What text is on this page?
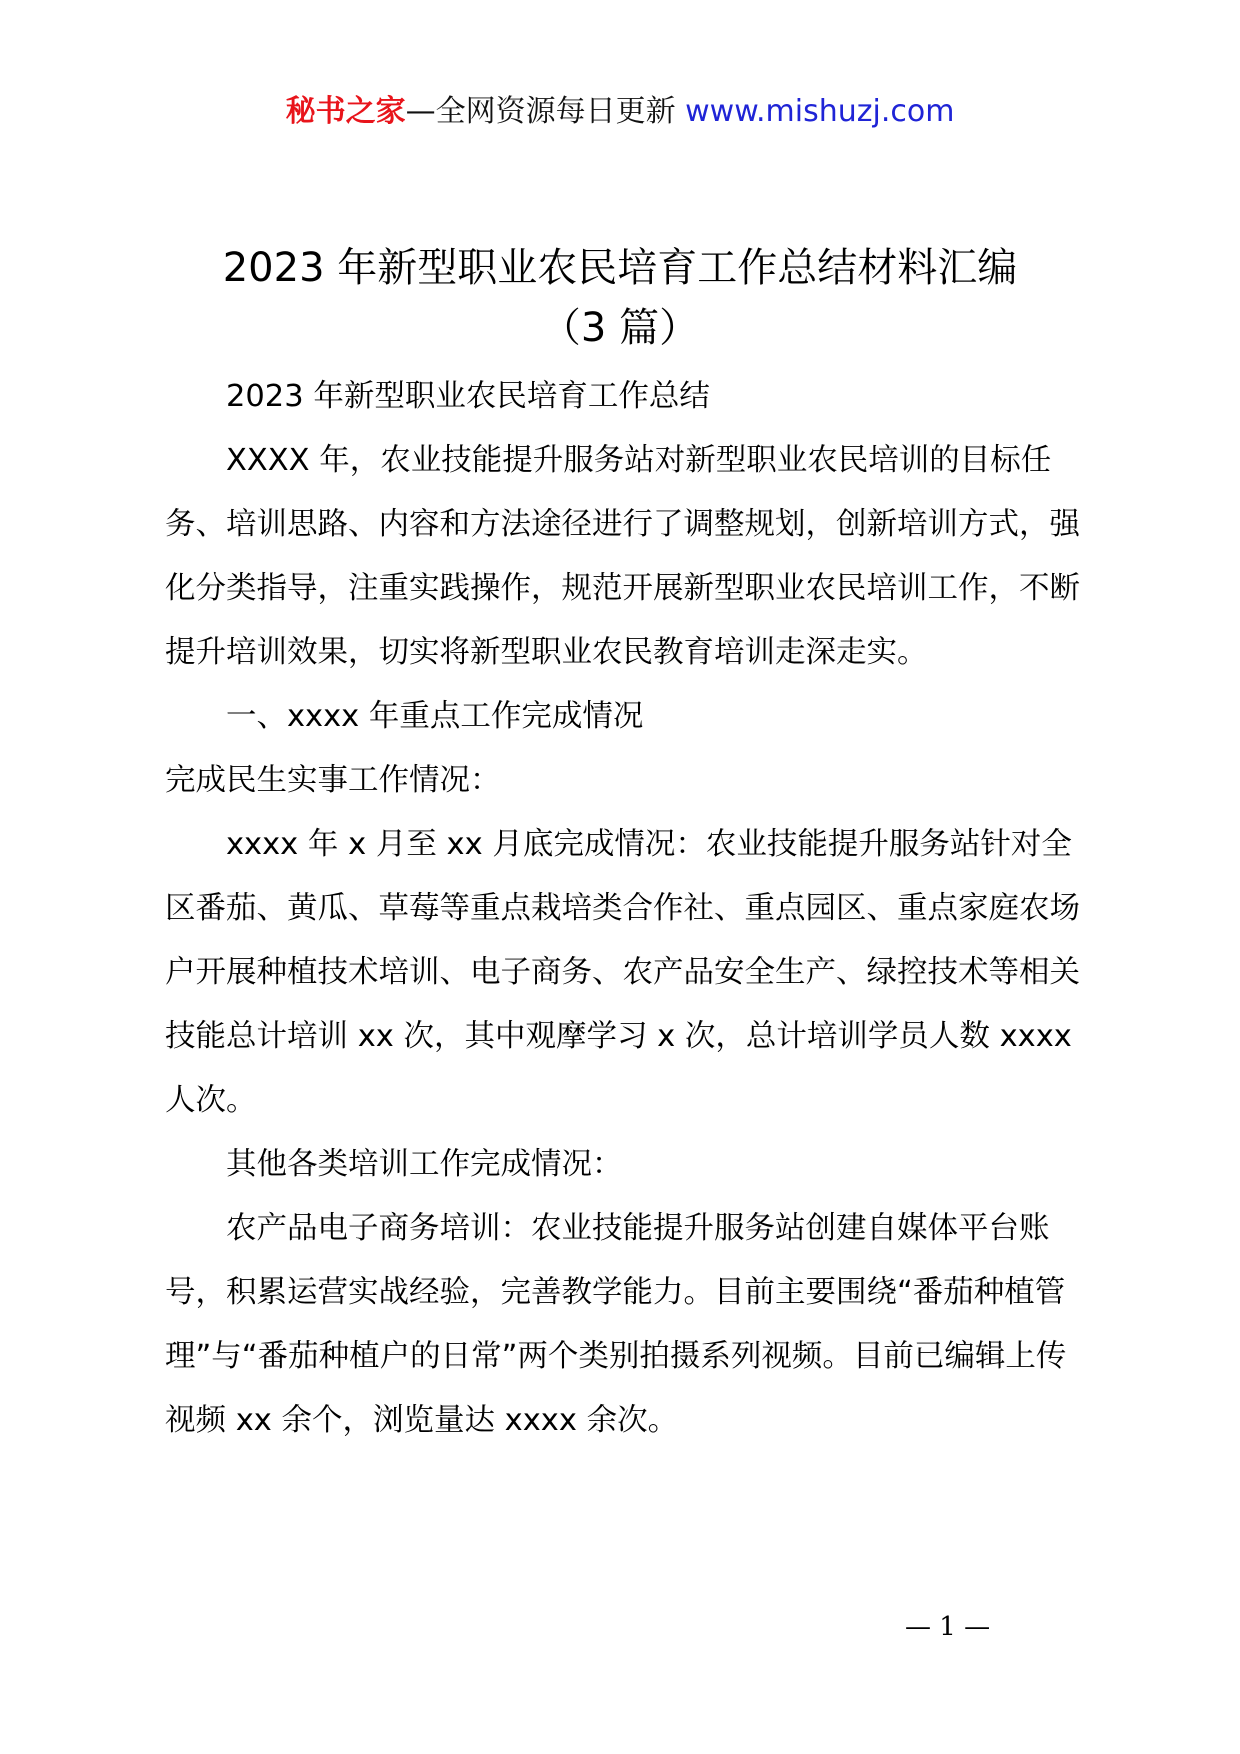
秘书之家—全网资源每日更新 www.mishuzj.com
2023 年新型职业农民培育工作总结材料汇编
（3 篇）

2023 年新型职业农民培育工作总结

XXXX 年，农业技能提升服务站对新型职业农民培训的目标任务、培训思路、内容和方法途径进行了调整规划，创新培训方式，强化分类指导，注重实践操作，规范开展新型职业农民培训工作，不断提升培训效果，切实将新型职业农民教育培训走深走实。

一、xxxx 年重点工作完成情况

完成民生实事工作情况：

xxxx 年 x 月至 xx 月底完成情况：农业技能提升服务站针对全区番茄、黄瓜、草莓等重点栽培类合作社、重点园区、重点家庭农场户开展种植技术培训、电子商务、农产品安全生产、绿控技术等相关技能总计培训 xx 次，其中观摩学习 x 次，总计培训学员人数 xxxx 人次。

其他各类培训工作完成情况：

农产品电子商务培训：农业技能提升服务站创建自媒体平台账号，积累运营实战经验，完善教学能力。目前主要围绕“番茄种植管理”与“番茄种植户的日常”两个类别拍摄系列视频。目前已编辑上传视频 xx 余个，浏览量达 xxxx 余次。

— 1 —
